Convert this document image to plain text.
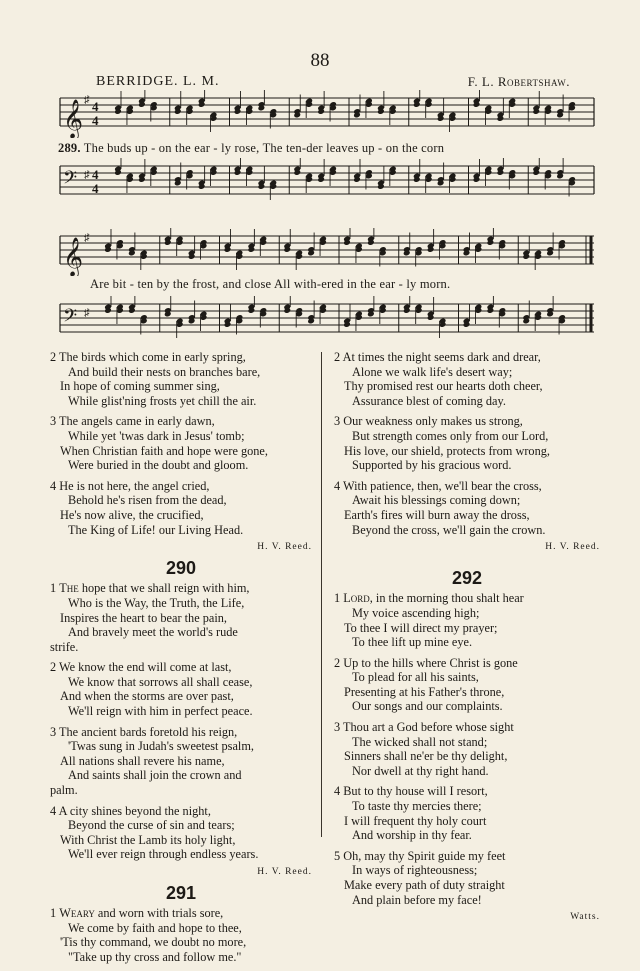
88
BERRIDGE. L. M.	F. L. Robertshaw.
𝄞 ♯ 4
4
289. The buds up - on the ear - ly rose, The ten-der leaves up - on the corn
𝄢 ♯ 4
4
𝄞 ♯
Are bit - ten by the frost, and close All with-ered in the ear - ly morn.
𝄢 ♯
2 The birds which come in early spring,
And build their nests on branches bare,
In hope of coming summer sing,
While glist'ning frosts yet chill the air.
3 The angels came in early dawn,
While yet 'twas dark in Jesus' tomb;
When Christian faith and hope were gone,
Were buried in the doubt and gloom.
4 He is not here, the angel cried,
Behold he's risen from the dead,
He's now alive, the crucified,
The King of Life! our Living Head.
H. V. Reed.
290
1 The hope that we shall reign with him,
Who is the Way, the Truth, the Life,
Inspires the heart to bear the pain,
And bravely meet the world's rude
strife.
2 We know the end will come at last,
We know that sorrows all shall cease,
And when the storms are over past,
We'll reign with him in perfect peace.
3 The ancient bards foretold his reign,
'Twas sung in Judah's sweetest psalm,
All nations shall revere his name,
And saints shall join the crown and
palm.
4 A city shines beyond the night,
Beyond the curse of sin and tears;
With Christ the Lamb its holy light,
We'll ever reign through endless years.
H. V. Reed.
291
1 Weary and worn with trials sore,
We come by faith and hope to thee,
'Tis thy command, we doubt no more,
"Take up thy cross and follow me."
2 At times the night seems dark and drear,
Alone we walk life's desert way;
Thy promised rest our hearts doth cheer,
Assurance blest of coming day.
3 Our weakness only makes us strong,
But strength comes only from our Lord,
His love, our shield, protects from wrong,
Supported by his gracious word.
4 With patience, then, we'll bear the cross,
Await his blessings coming down;
Earth's fires will burn away the dross,
Beyond the cross, we'll gain the crown.
H. V. Reed.
292
1 Lord, in the morning thou shalt hear
My voice ascending high;
To thee I will direct my prayer;
To thee lift up mine eye.
2 Up to the hills where Christ is gone
To plead for all his saints,
Presenting at his Father's throne,
Our songs and our complaints.
3 Thou art a God before whose sight
The wicked shall not stand;
Sinners shall ne'er be thy delight,
Nor dwell at thy right hand.
4 But to thy house will I resort,
To taste thy mercies there;
I will frequent thy holy court
And worship in thy fear.
5 Oh, may thy Spirit guide my feet
In ways of righteousness;
Make every path of duty straight
And plain before my face!
Watts.
